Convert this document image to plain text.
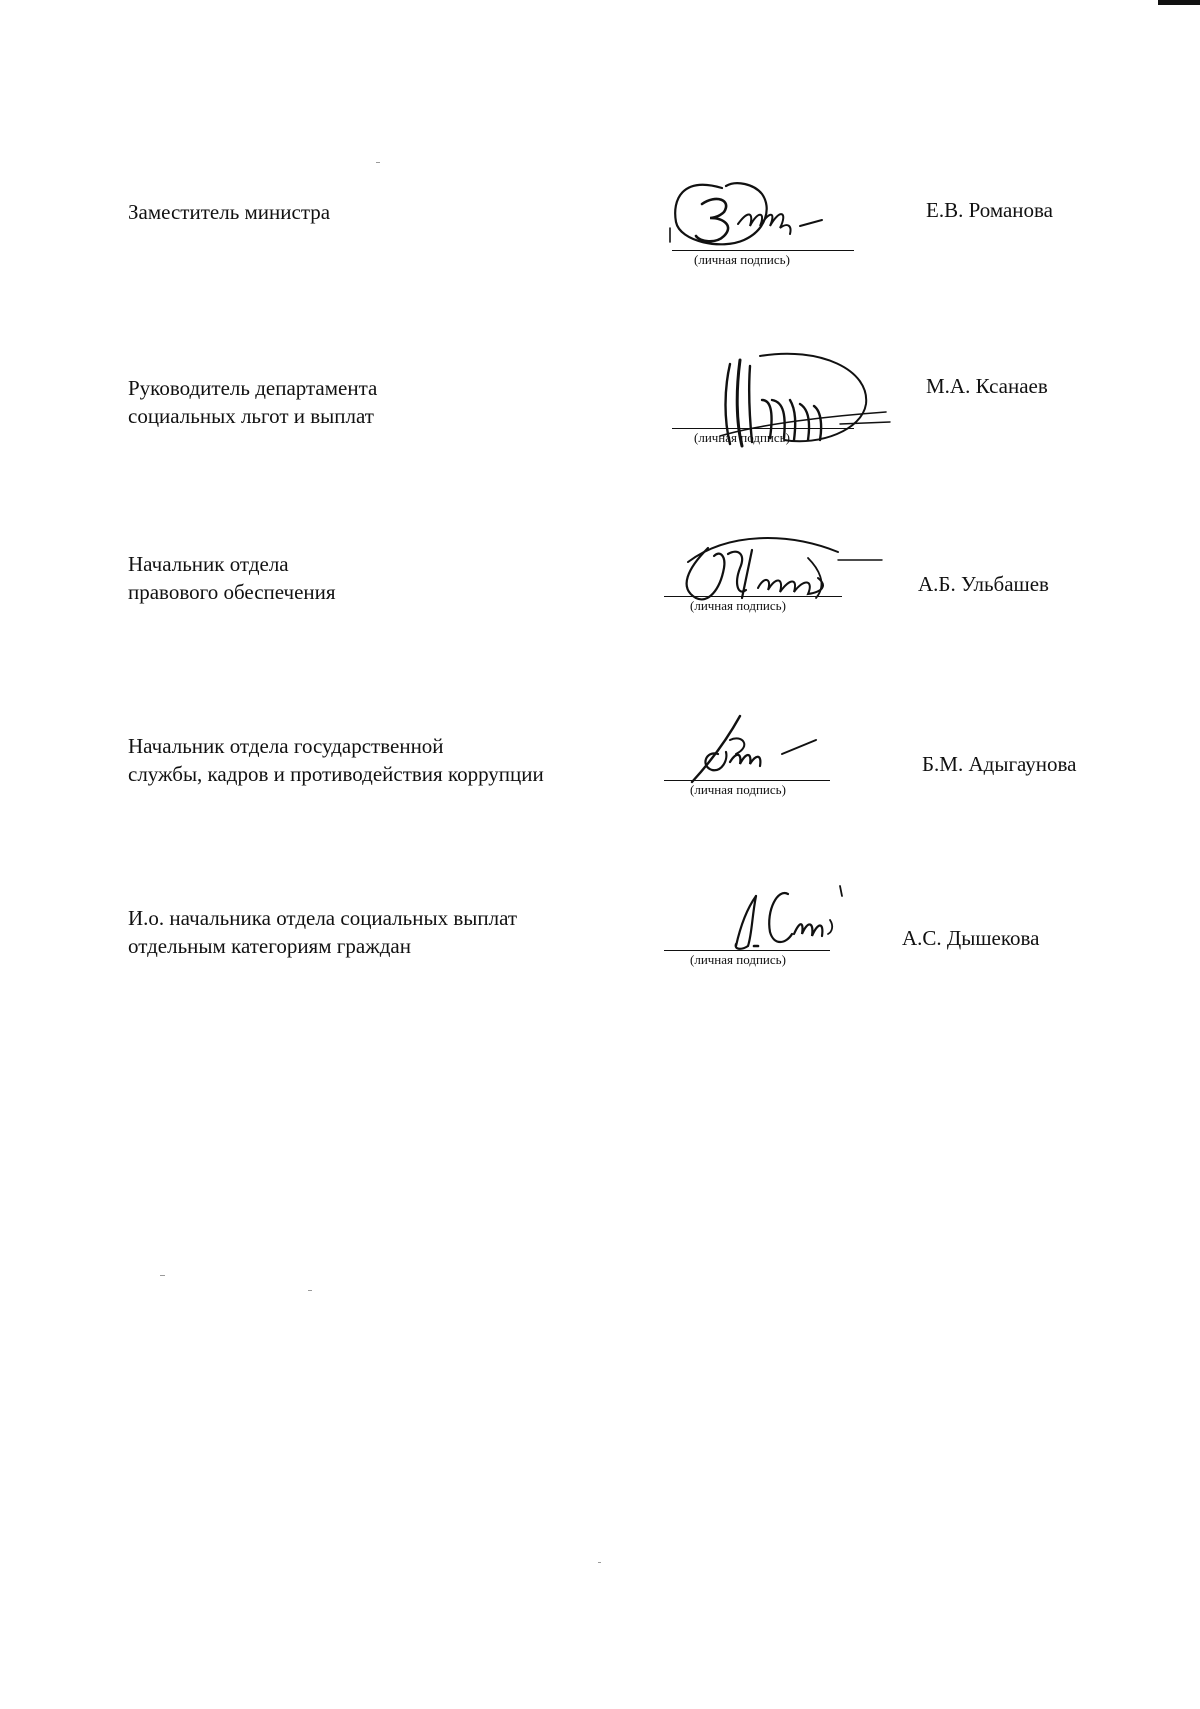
Заместитель министра
(личная подпись)
Е.В. Романова
Руководитель департамента
социальных льгот и выплат
(личная подпись)
М.А. Ксанаев
Начальник отдела
правового обеспечения
(личная подпись)
А.Б. Ульбашев
Начальник отдела государственной
службы, кадров и противодействия коррупции
(личная подпись)
Б.М. Адыгаунова
И.о. начальника отдела социальных выплат
отдельным категориям граждан
(личная подпись)
А.С. Дышекова
